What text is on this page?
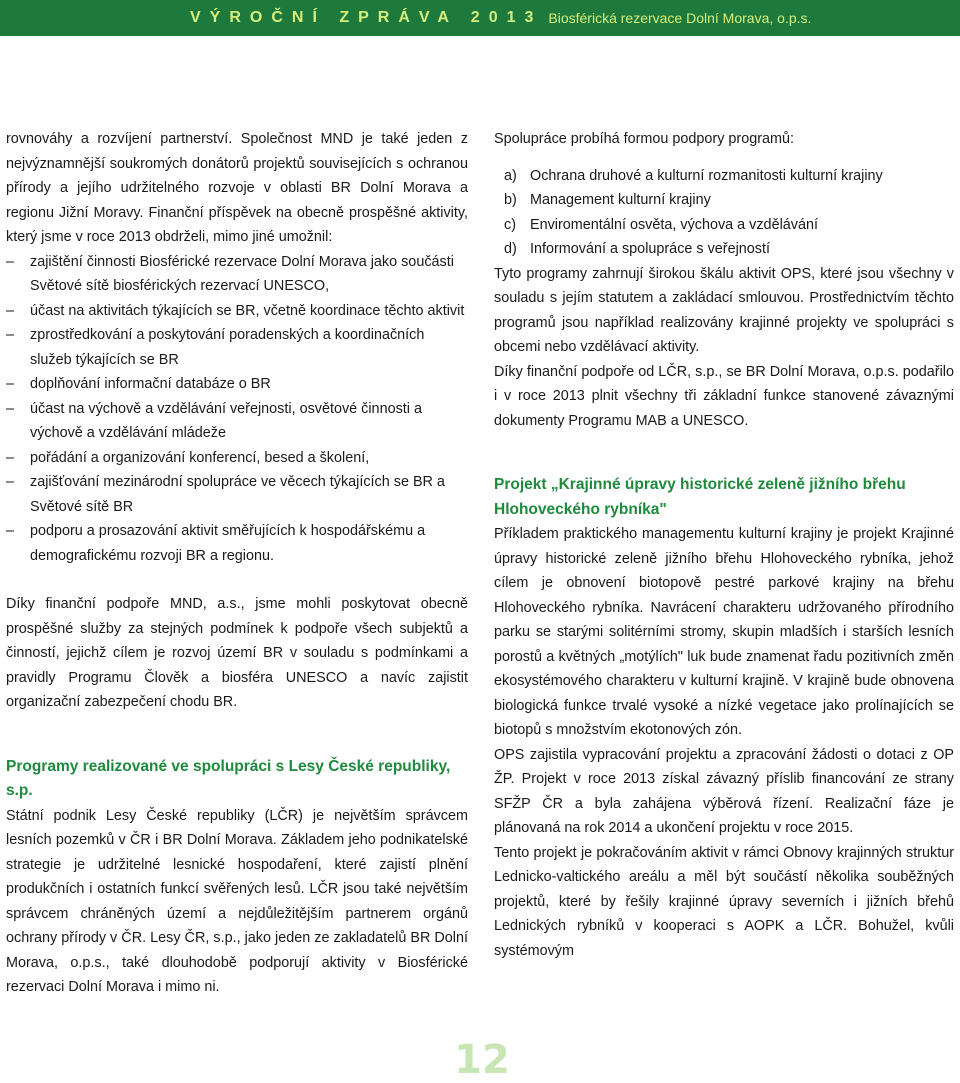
VÝROČNÍ ZPRÁVA 2013 Biosférická rezervace Dolní Morava, o.p.s.

rovnováhy a rozvíjení partnerství. Společnost MND je také jeden z nejvýznamnější soukromých donátorů projektů souvisejících s ochranou přírody a jejího udržitelného rozvoje v oblasti BR Dolní Morava a regionu Jižní Moravy. Finanční příspěvek na obecně prospěšné aktivity, který jsme v roce 2013 obdrželi, mimo jiné umožnil:

– zajištění činnosti Biosférické rezervace Dolní Morava jako součásti Světové sítě biosférických rezervací UNESCO,
– účast na aktivitách týkajících se BR, včetně koordinace těchto aktivit
– zprostředkování a poskytování poradenských a koordinačních služeb týkajících se BR
– doplňování informační databáze o BR
– účast na výchově a vzdělávání veřejnosti, osvětové činnosti a výchově a vzdělávání mládeže
– pořádání a organizování konferencí, besed a školení,
– zajišťování mezinárodní spolupráce ve věcech týkajících se BR a Světové sítě BR
– podporu a prosazování aktivit směřujících k hospodářskému a demografickému rozvoji BR a regionu.

Díky finanční podpoře MND, a.s., jsme mohli poskytovat obecně prospěšné služby za stejných podmínek k podpoře všech subjektů a činností, jejichž cílem je rozvoj území BR v souladu s podmínkami a pravidly Programu Člověk a biosféra UNESCO a navíc zajistit organizační zabezpečení chodu BR.

Programy realizované ve spolupráci s Lesy České republiky, s.p.

Státní podnik Lesy České republiky (LČR) je největším správcem lesních pozemků v ČR i BR Dolní Morava. Základem jeho podnikatelské strategie je udržitelné lesnické hospodaření, které zajistí plnění produkčních i ostatních funkcí svěřených lesů. LČR jsou také největším správcem chráněných území a nejdůležitějším partnerem orgánů ochrany přírody v ČR. Lesy ČR, s.p., jako jeden ze zakladatelů BR Dolní Morava, o.p.s., také dlouhodobě podporují aktivity v Biosférické rezervaci Dolní Morava i mimo ni.

Spolupráce probíhá formou podpory programů:

a) Ochrana druhové a kulturní rozmanitosti kulturní krajiny
b) Management kulturní krajiny
c) Enviromentální osvěta, výchova a vzdělávání
d) Informování a spolupráce s veřejností

Tyto programy zahrnují širokou škálu aktivit OPS, které jsou všechny v souladu s jejím statutem a zakládací smlouvou. Prostřednictvím těchto programů jsou například realizovány krajinné projekty ve spolupráci s obcemi nebo vzdělávací aktivity.

Díky finanční podpoře od LČR, s.p., se BR Dolní Morava, o.p.s. podařilo i v roce 2013 plnit všechny tři základní funkce stanovené závaznými dokumenty Programu MAB a UNESCO.

Projekt „Krajinné úpravy historické zeleně jižního břehu Hlohoveckého rybníka"

Příkladem praktického managementu kulturní krajiny je projekt Krajinné úpravy historické zeleně jižního břehu Hlohoveckého rybníka, jehož cílem je obnovení biotopově pestré parkové krajiny na břehu Hlohoveckého rybníka. Navrácení charakteru udržovaného přírodního parku se starými solitérními stromy, skupin mladších i starších lesních porostů a květných „motýlích" luk bude znamenat řadu pozitivních změn ekosystémového charakteru v kulturní krajině. V krajině bude obnovena biologická funkce trvalé vysoké a nízké vegetace jako prolínajících se biotopů s množstvím ekotonových zón.

OPS zajistila vypracování projektu a zpracování žádosti o dotaci z OP ŽP. Projekt v roce 2013 získal závazný příslib financování ze strany SFŽP ČR a byla zahájena výběrová řízení. Realizační fáze je plánovaná na rok 2014 a ukončení projektu v roce 2015.

Tento projekt je pokračováním aktivit v rámci Obnovy krajinných struktur Lednicko-valtického areálu a měl být součástí několika souběžných projektů, které by řešily krajinné úpravy severních i jižních břehů Lednických rybníků v kooperaci s AOPK a LČR. Bohužel, kvůli systémovým

12
